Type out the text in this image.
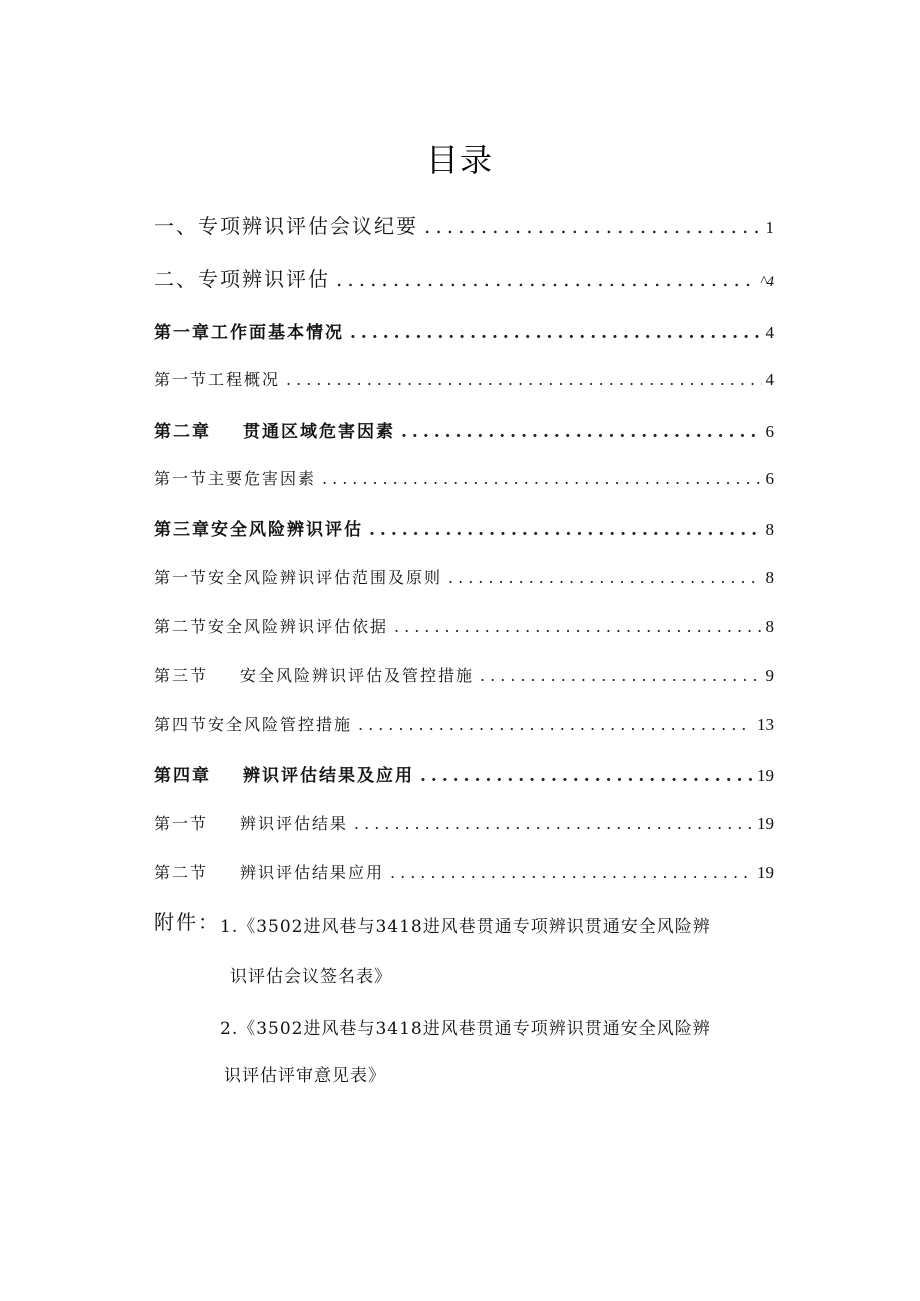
目录
一、专项辨识评估会议纪要 .....	1
二、专项辨识评估 .....	^4
第一章工作面基本情况 .....	4
第一节工程概况 .....	4
第二章 贯通区域危害因素 .....	6
第一节主要危害因素 .....	6
第三章安全风险辨识评估 .....	8
第一节安全风险辨识评估范围及原则 .....	8
第二节安全风险辨识评估依据 .....	8
第三节 安全风险辨识评估及管控措施 .....	9
第四节安全风险管控措施 .....	13
第四章 辨识评估结果及应用 .....	19
第一节 辨识评估结果 .....	19
第二节 辨识评估结果应用 .....	19
附件： 1.《3502进风巷与3418进风巷贯通专项辨识贯通安全风险辨
识评估会议签名表》
2.《3502进风巷与3418进风巷贯通专项辨识贯通安全风险辨
识评估评审意见表》
